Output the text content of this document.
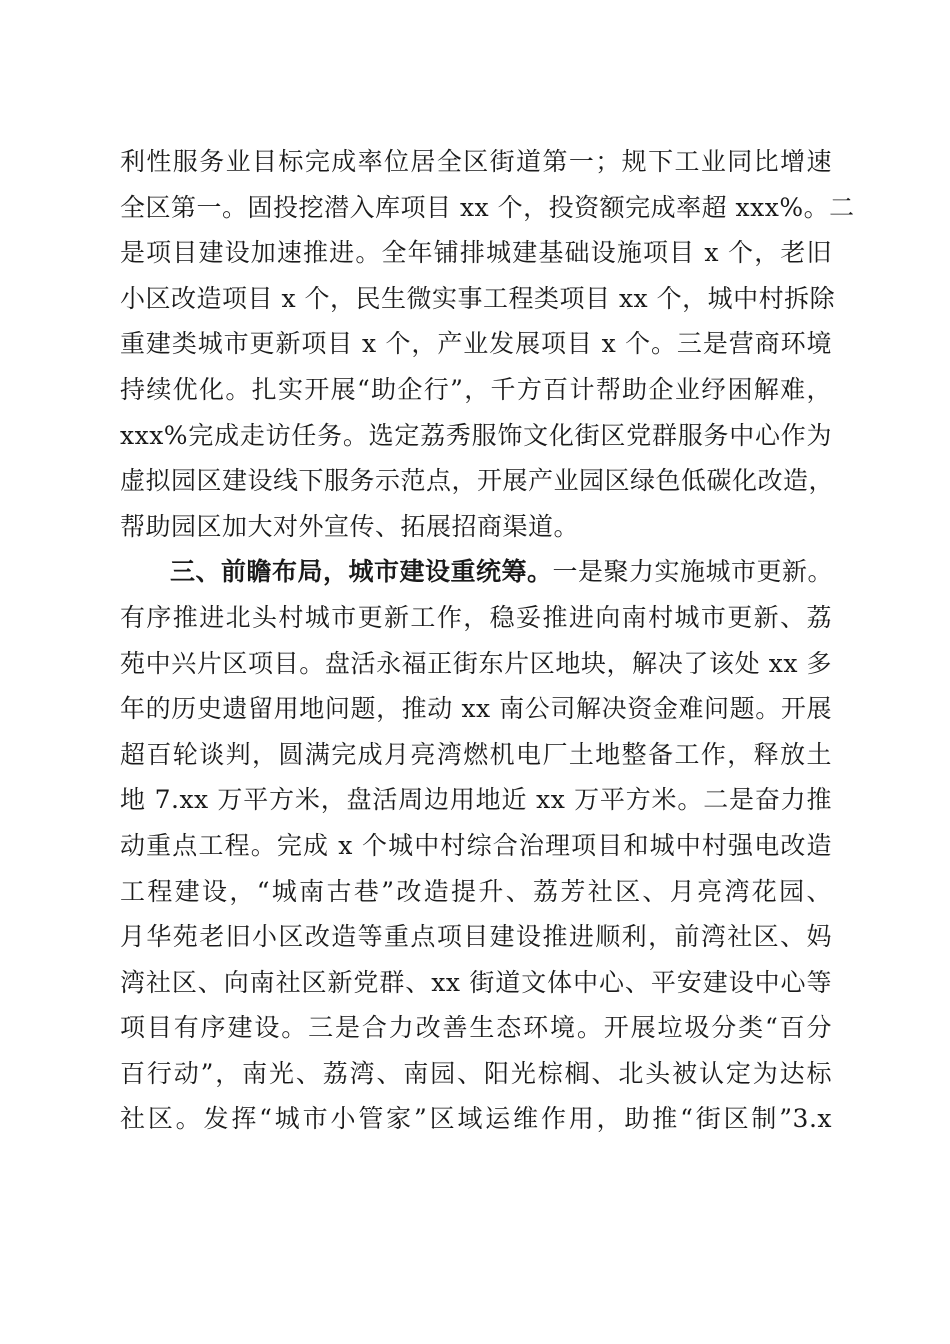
利性服务业目标完成率位居全区街道第一；规下工业同比增速
全区第一。固投挖潜入库项目 xx 个，投资额完成率超 xxx%。二
是项目建设加速推进。全年铺排城建基础设施项目 x 个，老旧
小区改造项目 x 个，民生微实事工程类项目 xx 个，城中村拆除
重建类城市更新项目 x 个，产业发展项目 x 个。三是营商环境
持续优化。扎实开展“助企行”，千方百计帮助企业纾困解难，
xxx%完成走访任务。选定荔秀服饰文化街区党群服务中心作为
虚拟园区建设线下服务示范点，开展产业园区绿色低碳化改造，
帮助园区加大对外宣传、拓展招商渠道。
三、前瞻布局，城市建设重统筹。一是聚力实施城市更新。
有序推进北头村城市更新工作，稳妥推进向南村城市更新、荔
苑中兴片区项目。盘活永福正街东片区地块，解决了该处 xx 多
年的历史遗留用地问题，推动 xx 南公司解决资金难问题。开展
超百轮谈判，圆满完成月亮湾燃机电厂土地整备工作，释放土
地 7.xx 万平方米，盘活周边用地近 xx 万平方米。二是奋力推
动重点工程。完成 x 个城中村综合治理项目和城中村强电改造
工程建设，“城南古巷”改造提升、荔芳社区、月亮湾花园、
月华苑老旧小区改造等重点项目建设推进顺利，前湾社区、妈
湾社区、向南社区新党群、xx 街道文体中心、平安建设中心等
项目有序建设。三是合力改善生态环境。开展垃圾分类“百分
百行动”，南光、荔湾、南园、阳光棕榈、北头被认定为达标
社区。发挥“城市小管家”区域运维作用，助推“街区制”3.x
